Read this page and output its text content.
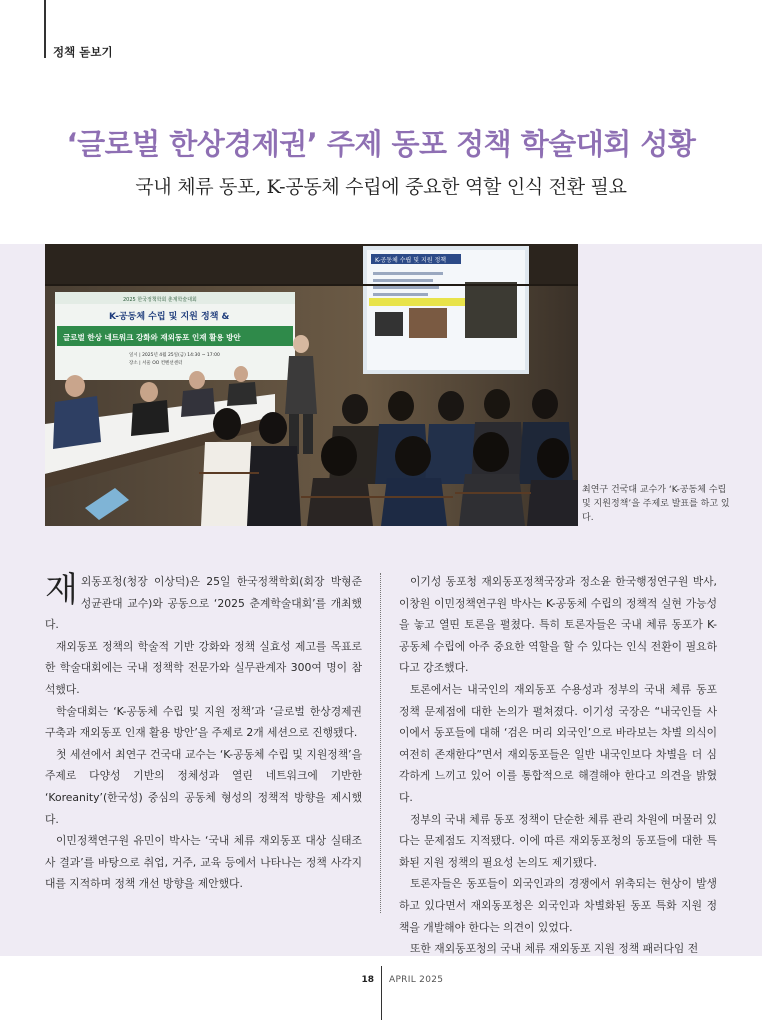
정책 돋보기
‘글로벌 한상경제권’ 주제 동포 정책 학술대회 성황
국내 체류 동포, K-공동체 수립에 중요한 역할 인식 전환 필요
K-공동체 수립 및 지원 정책
2025 한국정책학회 춘계학술대회
K-공동체 수립 및 지원 정책 &
글로벌 한상 네트워크 강화와 재외동포 인재 활용 방안
일시 | 2025년 4월 25일(금) 14:30 ~ 17:00
장소 | 서울 OO 컨벤션센터
최연구 건국대 교수가 ‘K-공동체 수립 및 지원정책’을 주제로 발표를 하고 있다.

재외동포청(청장 이상덕)은 25일 한국정책학회(회장 박형준 성균관대 교수)와 공동으로 ‘2025 춘계학술대회’를 개최했다.

재외동포 정책의 학술적 기반 강화와 정책 실효성 제고를 목표로 한 학술대회에는 국내 정책학 전문가와 실무관계자 300여 명이 참석했다.

학술대회는 ‘K-공동체 수립 및 지원 정책’과 ‘글로벌 한상경제권 구축과 재외동포 인재 활용 방안’을 주제로 2개 세션으로 진행됐다.

첫 세션에서 최연구 건국대 교수는 ‘K-공동체 수립 및 지원정책’을 주제로 다양성 기반의 정체성과 열린 네트워크에 기반한 ‘Koreanity’(한국성) 중심의 공동체 형성의 정책적 방향을 제시했다.

이민정책연구원 유민이 박사는 ‘국내 체류 재외동포 대상 실태조사 결과’를 바탕으로 취업, 거주, 교육 등에서 나타나는 정책 사각지대를 지적하며 정책 개선 방향을 제안했다.

이기성 동포청 재외동포정책국장과 정소윤 한국행정연구원 박사, 이창원 이민정책연구원 박사는 K-공동체 수립의 정책적 실현 가능성을 놓고 열띤 토론을 펼쳤다. 특히 토론자들은 국내 체류 동포가 K-공동체 수립에 아주 중요한 역할을 할 수 있다는 인식 전환이 필요하다고 강조했다.

토론에서는 내국인의 재외동포 수용성과 정부의 국내 체류 동포 정책 문제점에 대한 논의가 펼쳐졌다. 이기성 국장은 “내국인들 사이에서 동포들에 대해 ‘검은 머리 외국인’으로 바라보는 차별 의식이 여전히 존재한다”면서 재외동포들은 일반 내국인보다 차별을 더 심각하게 느끼고 있어 이를 통합적으로 해결해야 한다고 의견을 밝혔다.

정부의 국내 체류 동포 정책이 단순한 체류 관리 차원에 머물러 있다는 문제점도 지적됐다. 이에 따른 재외동포청의 동포들에 대한 특화된 지원 정책의 필요성 논의도 제기됐다.

토론자들은 동포들이 외국인과의 경쟁에서 위축되는 현상이 발생하고 있다면서 재외동포청은 외국인과 차별화된 동포 특화 지원 정책을 개발해야 한다는 의견이 있었다.

또한 재외동포청의 국내 체류 재외동포 지원 정책 패러다임 전

18 APRIL 2025
